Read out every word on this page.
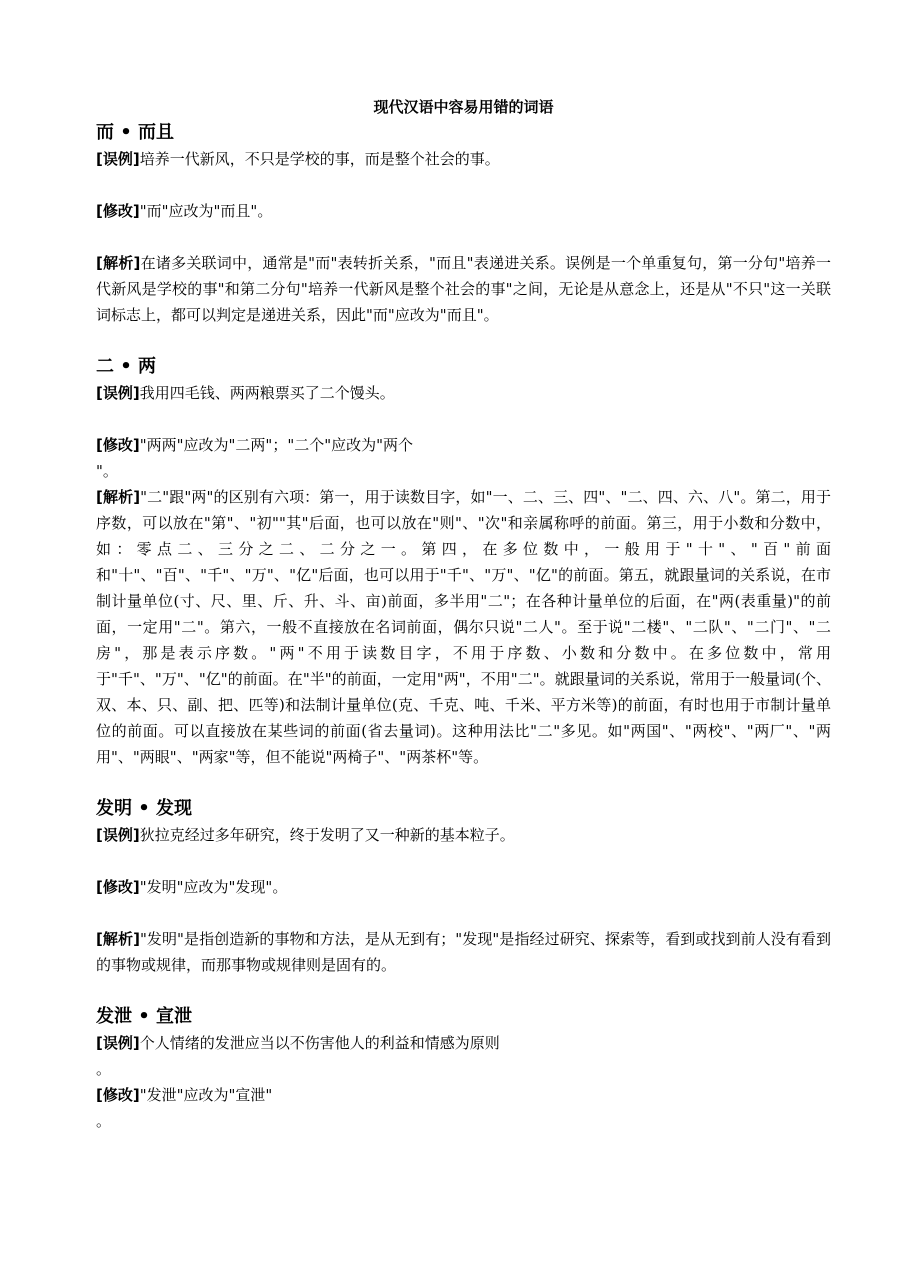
现代汉语中容易用错的词语
而 • 而且

[误例]培养一代新风，不只是学校的事，而是整个社会的事。

[修改]"而"应改为"而且"。

[解析]在诸多关联词中，通常是"而"表转折关系，"而且"表递进关系。误例是一个单重复句，第一分句"培养一代新风是学校的事"和第二分句"培养一代新风是整个社会的事"之间，无论是从意念上，还是从"不只"这一关联词标志上，都可以判定是递进关系，因此"而"应改为"而且"。

二 • 两

[误例]我用四毛钱、两两粮票买了二个馒头。

[修改]"两两"应改为"二两"；"二个"应改为"两个

"。

[解析]"二"跟"两"的区别有六项：第一，用于读数目字，如"一、二、三、四"、"二、四、六、八"。第二，用于序数，可以放在"第"、"初""其"后面，也可以放在"则"、"次"和亲属称呼的前面。第三，用于小数和分数中，如：零点二、三分之二、二分之一。第四，在多位数中，一般用于"十"、"百"前面和"十"、"百"、"千"、"万"、"亿"后面，也可以用于"千"、"万"、"亿"的前面。第五，就跟量词的关系说，在市制计量单位(寸、尺、里、斤、升、斗、亩)前面，多半用"二"；在各种计量单位的后面，在"两(表重量)"的前面，一定用"二"。第六，一般不直接放在名词前面，偶尔只说"二人"。至于说"二楼"、"二队"、"二门"、"二房"，那是表示序数。"两"不用于读数目字，不用于序数、小数和分数中。在多位数中，常用于"千"、"万"、"亿"的前面。在"半"的前面，一定用"两"，不用"二"。就跟量词的关系说，常用于一般量词(个、双、本、只、副、把、匹等)和法制计量单位(克、千克、吨、千米、平方米等)的前面，有时也用于市制计量单位的前面。可以直接放在某些词的前面(省去量词)。这种用法比"二"多见。如"两国"、"两校"、"两厂"、"两用"、"两眼"、"两家"等，但不能说"两椅子"、"两茶杯"等。

发明 • 发现

[误例]狄拉克经过多年研究，终于发明了又一种新的基本粒子。

[修改]"发明"应改为"发现"。

[解析]"发明"是指创造新的事物和方法，是从无到有；"发现"是指经过研究、探索等，看到或找到前人没有看到的事物或规律，而那事物或规律则是固有的。

发泄 • 宣泄

[误例]个人情绪的发泄应当以不伤害他人的利益和情感为原则

。

[修改]"发泄"应改为"宣泄"

。
